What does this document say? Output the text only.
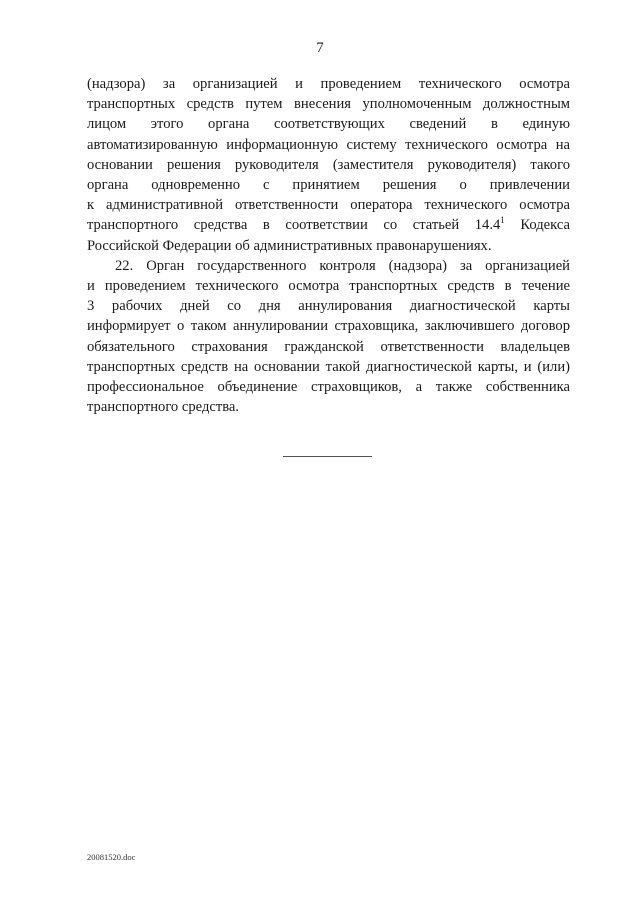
7
(надзора) за организацией и проведением технического осмотра
транспортных средств путем внесения уполномоченным должностным
лицом этого органа соответствующих сведений в единую
автоматизированную информационную систему технического осмотра на
основании решения руководителя (заместителя руководителя) такого
органа одновременно с принятием решения о привлечении
к административной ответственности оператора технического осмотра
транспортного средства в соответствии со статьей 14.4$^1$ Кодекса
Российской Федерации об административных правонарушениях.
22. Орган государственного контроля (надзора) за организацией
и проведением технического осмотра транспортных средств в течение
3 рабочих дней со дня аннулирования диагностической карты
информирует о таком аннулировании страховщика, заключившего договор
обязательного страхования гражданской ответственности владельцев
транспортных средств на основании такой диагностической карты, и (или)
профессиональное объединение страховщиков, а также собственника
транспортного средства.
20081520.doc
